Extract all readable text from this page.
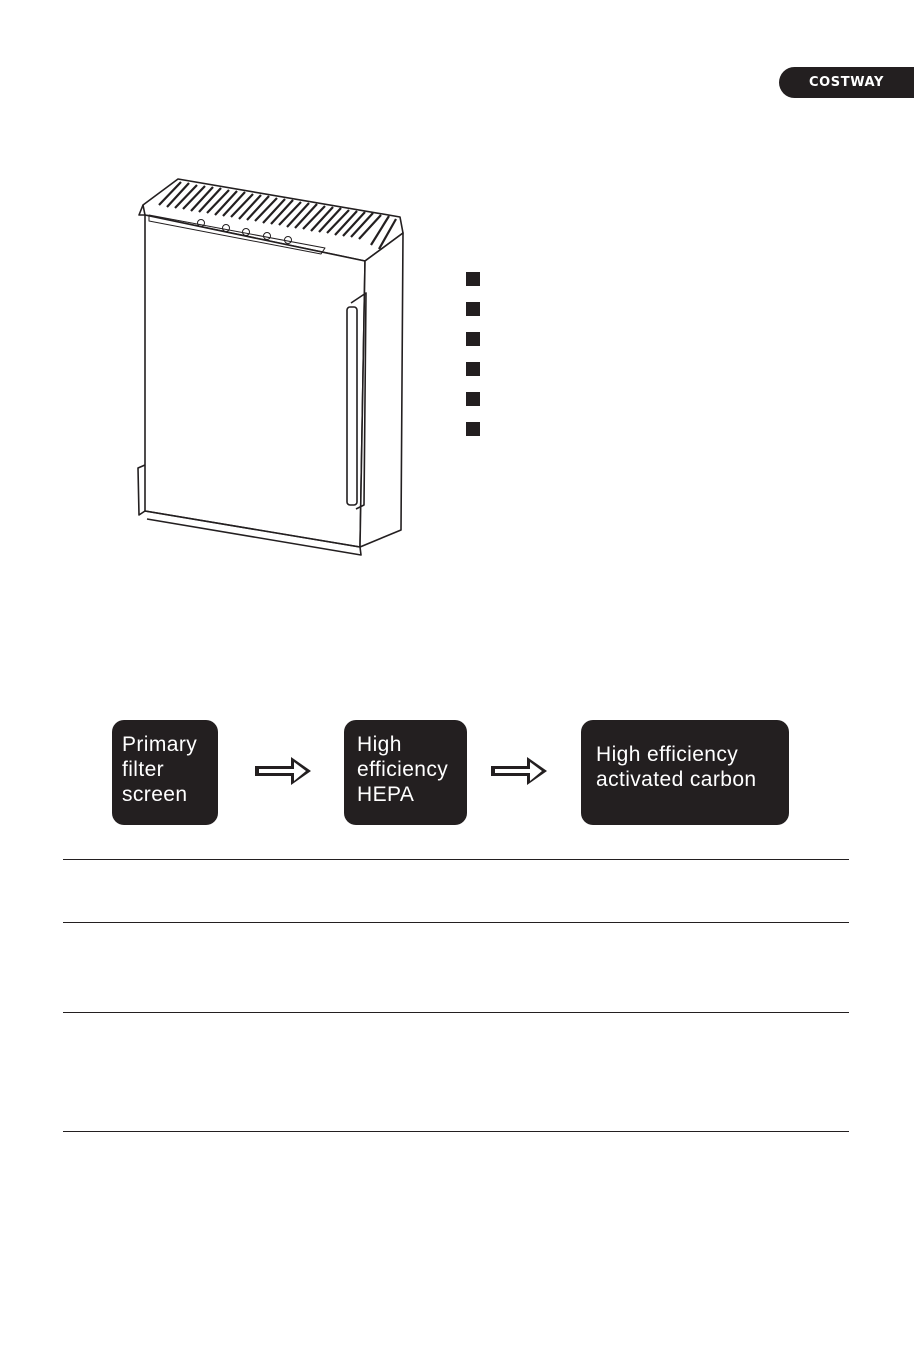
COSTWAY
Primary
filter
screen
High
efficiency
HEPA
High efficiency
activated carbon
